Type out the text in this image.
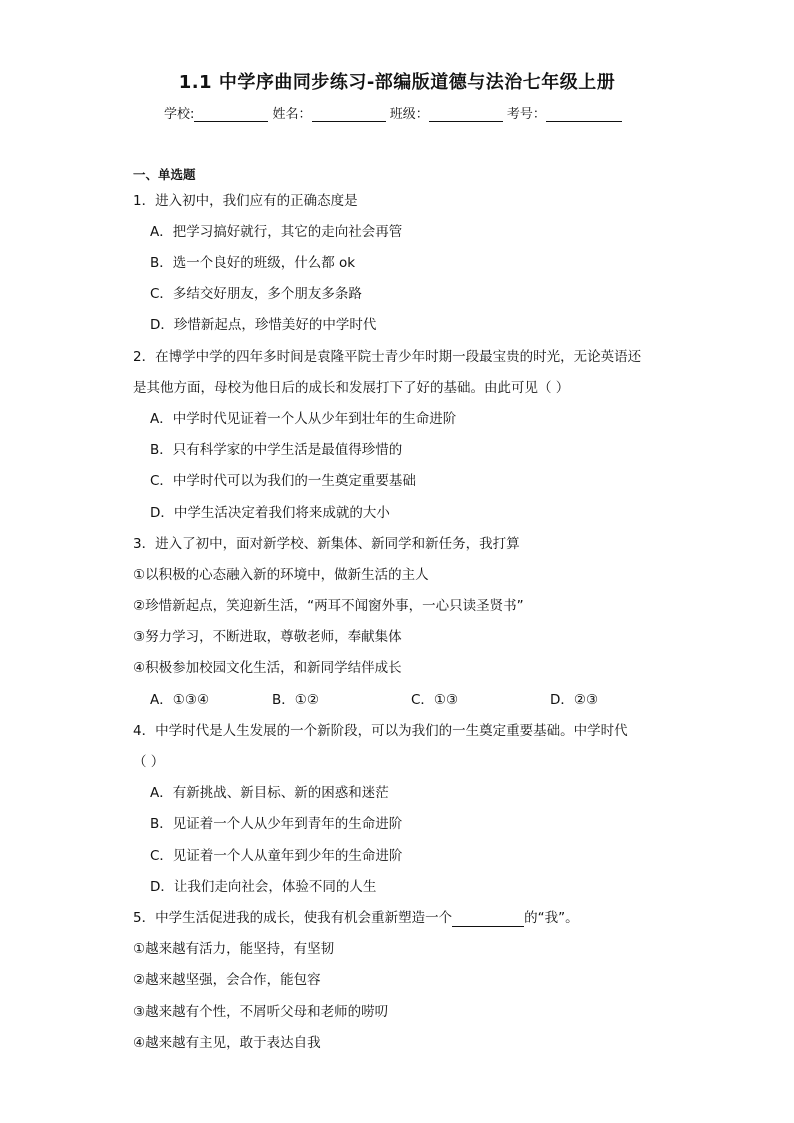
1.1 中学序曲同步练习-部编版道德与法治七年级上册
学校:	姓名：	班级：	考号：
一、单选题
1．进入初中，我们应有的正确态度是
A．把学习搞好就行，其它的走向社会再管
B．选一个良好的班级，什么都 ok
C．多结交好朋友，多个朋友多条路
D．珍惜新起点，珍惜美好的中学时代
2．在博学中学的四年多时间是袁隆平院士青少年时期一段最宝贵的时光，无论英语还
是其他方面，母校为他日后的成长和发展打下了好的基础。由此可见（ ）
A．中学时代见证着一个人从少年到壮年的生命进阶
B．只有科学家的中学生活是最值得珍惜的
C．中学时代可以为我们的一生奠定重要基础
D．中学生活决定着我们将来成就的大小
3．进入了初中，面对新学校、新集体、新同学和新任务，我打算
①以积极的心态融入新的环境中，做新生活的主人
②珍惜新起点，笑迎新生活，“两耳不闻窗外事，一心只读圣贤书”
③努力学习，不断进取，尊敬老师，奉献集体
④积极参加校园文化生活，和新同学结伴成长
A．①③④	B．①②	C．①③	D．②③
4．中学时代是人生发展的一个新阶段，可以为我们的一生奠定重要基础。中学时代
（ ）
A．有新挑战、新目标、新的困惑和迷茫
B．见证着一个人从少年到青年的生命进阶
C．见证着一个人从童年到少年的生命进阶
D．让我们走向社会，体验不同的人生
5．中学生活促进我的成长，使我有机会重新塑造一个	的“我”。
①越来越有活力，能坚持，有坚韧
②越来越坚强，会合作，能包容
③越来越有个性，不屑听父母和老师的唠叨
④越来越有主见，敢于表达自我
